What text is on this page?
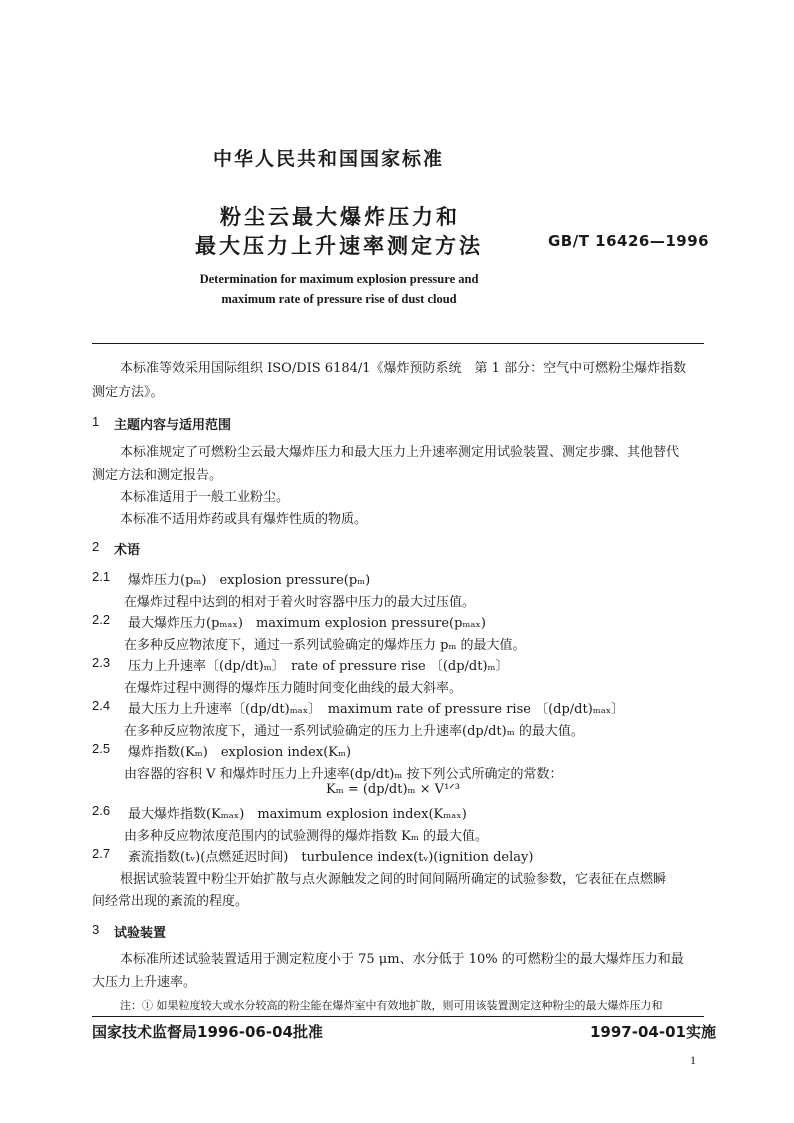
中华人民共和国国家标准
粉尘云最大爆炸压力和
最大压力上升速率测定方法	GB/T 16426—1996
Determination for maximum explosion pressure and
maximum rate of pressure rise of dust cloud
本标准等效采用国际组织 ISO/DIS 6184/1《爆炸预防系统　第 1 部分：空气中可燃粉尘爆炸指数
测定方法》。
1 主题内容与适用范围
本标准规定了可燃粉尘云最大爆炸压力和最大压力上升速率测定用试验装置、测定步骤、其他替代
测定方法和测定报告。
本标准适用于一般工业粉尘。
本标准不适用炸药或具有爆炸性质的物质。
2 术语
2.1 爆炸压力(pₘ)　explosion pressure(pₘ)
在爆炸过程中达到的相对于着火时容器中压力的最大过压值。
2.2 最大爆炸压力(pₘₐₓ)　maximum explosion pressure(pₘₐₓ)
在多种反应物浓度下，通过一系列试验确定的爆炸压力 pₘ 的最大值。
2.3 压力上升速率〔(dp/dt)ₘ〕　rate of pressure rise 〔(dp/dt)ₘ〕
在爆炸过程中测得的爆炸压力随时间变化曲线的最大斜率。
2.4 最大压力上升速率〔(dp/dt)ₘₐₓ〕　maximum rate of pressure rise 〔(dp/dt)ₘₐₓ〕
在多种反应物浓度下，通过一系列试验确定的压力上升速率(dp/dt)ₘ 的最大值。
2.5 爆炸指数(Kₘ)　explosion index(Kₘ)
由容器的容积 V 和爆炸时压力上升速率(dp/dt)ₘ 按下列公式所确定的常数：
Kₘ = (dp/dt)ₘ × V¹ᐟ³
2.6 最大爆炸指数(Kₘₐₓ)　maximum explosion index(Kₘₐₓ)
由多种反应物浓度范围内的试验测得的爆炸指数 Kₘ 的最大值。
2.7 紊流指数(tᵥ)(点燃延迟时间)　turbulence index(tᵥ)(ignition delay)
根据试验装置中粉尘开始扩散与点火源触发之间的时间间隔所确定的试验参数，它表征在点燃瞬
间经常出现的紊流的程度。
3 试验装置
本标准所述试验装置适用于测定粒度小于 75 μm、水分低于 10% 的可燃粉尘的最大爆炸压力和最
大压力上升速率。
注：① 如果粒度较大或水分较高的粉尘能在爆炸室中有效地扩散，则可用该装置测定这种粉尘的最大爆炸压力和
国家技术监督局1996-06-04批准	1997-04-01实施
1
